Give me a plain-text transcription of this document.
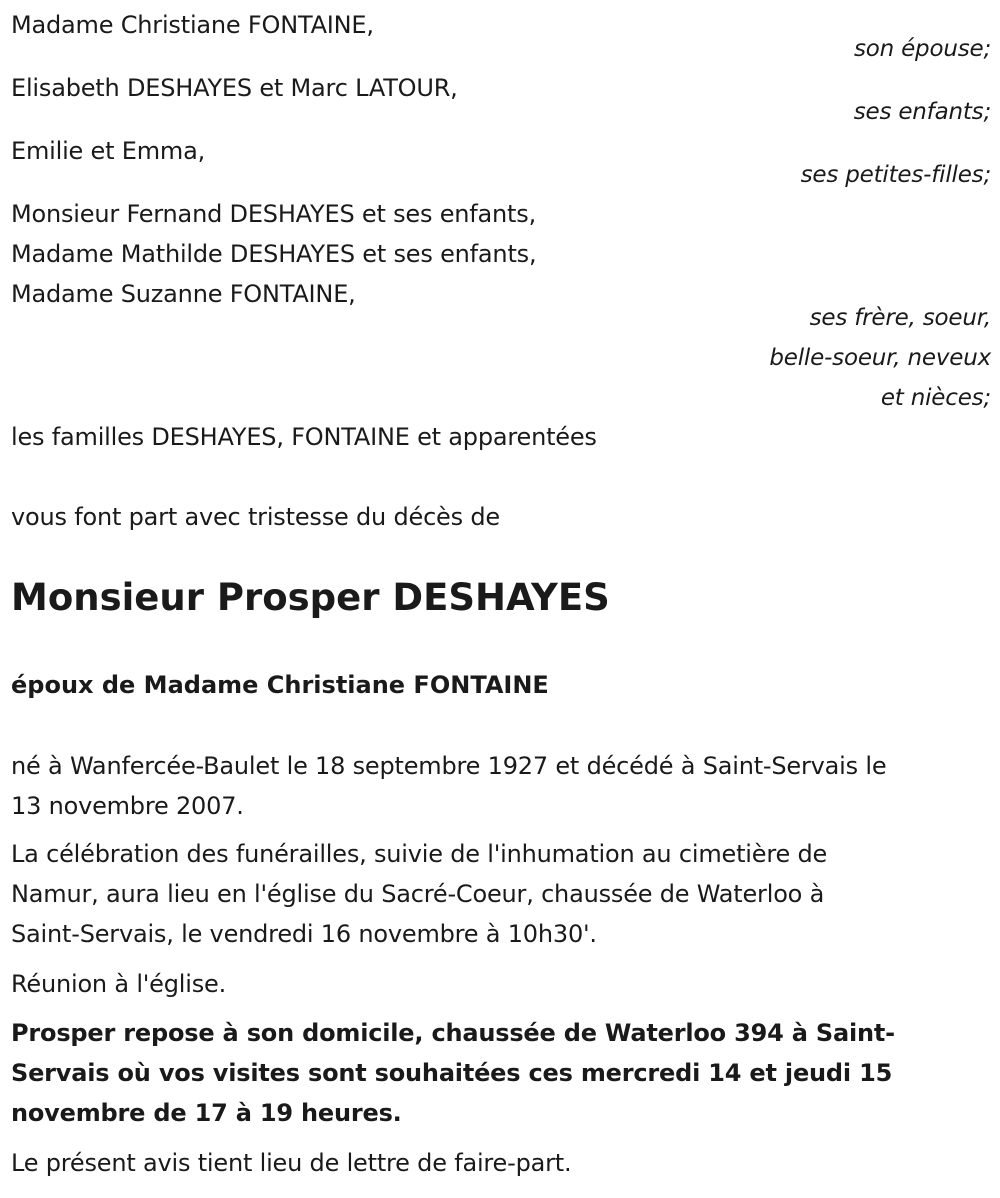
Madame Christiane FONTAINE,
son épouse;
Elisabeth DESHAYES et Marc LATOUR,
ses enfants;
Emilie et Emma,
ses petites-filles;
Monsieur Fernand DESHAYES et ses enfants,
Madame Mathilde DESHAYES et ses enfants,
Madame Suzanne FONTAINE,
ses frère, soeur,
belle-soeur, neveux
et nièces;
les familles DESHAYES, FONTAINE et apparentées
vous font part avec tristesse du décès de
Monsieur Prosper DESHAYES
époux de Madame Christiane FONTAINE
né à Wanfercée-Baulet le 18 septembre 1927 et décédé à Saint-Servais le
13 novembre 2007.
La célébration des funérailles, suivie de l'inhumation au cimetière de
Namur, aura lieu en l'église du Sacré-Coeur, chaussée de Waterloo à
Saint-Servais, le vendredi 16 novembre à 10h30'.
Réunion à l'église.
Prosper repose à son domicile, chaussée de Waterloo 394 à Saint-
Servais où vos visites sont souhaitées ces mercredi 14 et jeudi 15
novembre de 17 à 19 heures.
Le présent avis tient lieu de lettre de faire-part.
